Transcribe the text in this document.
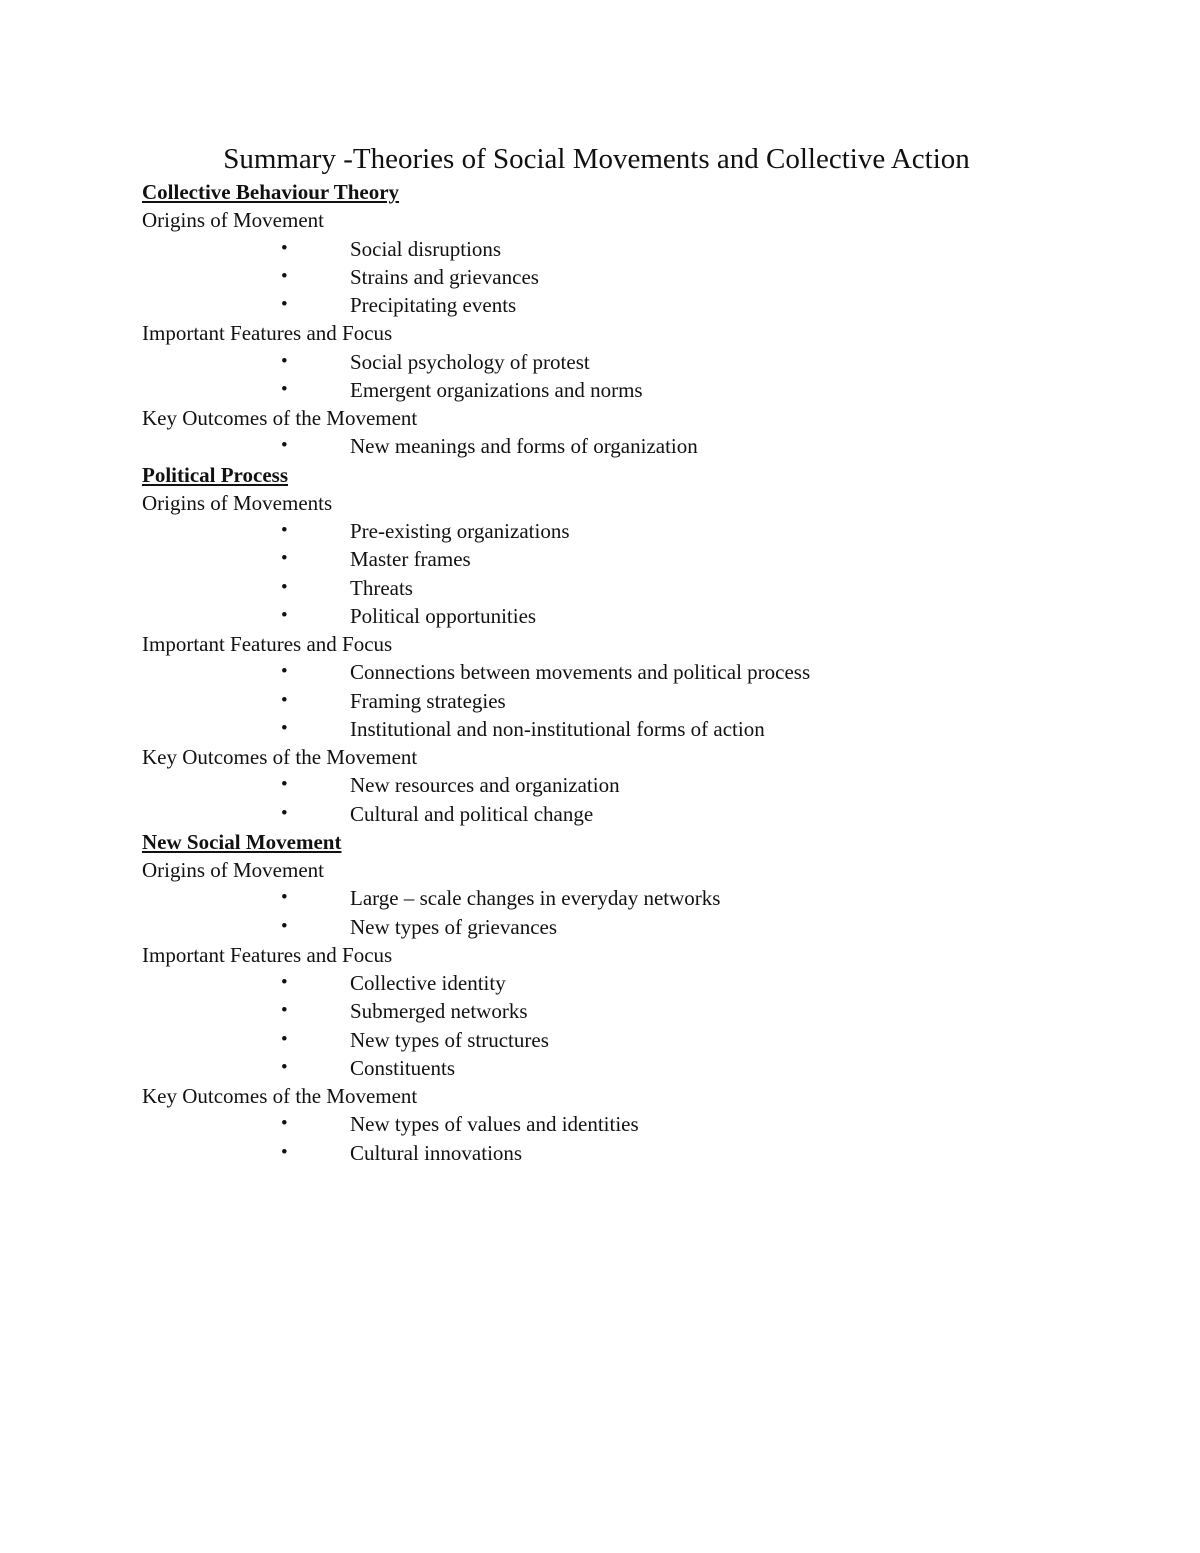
Summary -Theories of Social Movements and Collective Action
Collective Behaviour Theory
Origins of Movement
•	Social disruptions
•	Strains and grievances
•	Precipitating events
Important Features and Focus
•	Social psychology of protest
•	Emergent organizations and norms
Key Outcomes of the Movement
•	New meanings and forms of organization
Political Process
Origins of Movements
•	Pre-existing organizations
•	Master frames
•	Threats
•	Political opportunities
Important Features and Focus
•	Connections between movements and political process
•	Framing strategies
•	Institutional and non-institutional forms of action
Key Outcomes of the Movement
•	New resources and organization
•	Cultural and political change
New Social Movement
Origins of Movement
•	Large – scale changes in everyday networks
•	New types of grievances
Important Features and Focus
•	Collective identity
•	Submerged networks
•	New types of structures
•	Constituents
Key Outcomes of the Movement
•	New types of values and identities
•	Cultural innovations
